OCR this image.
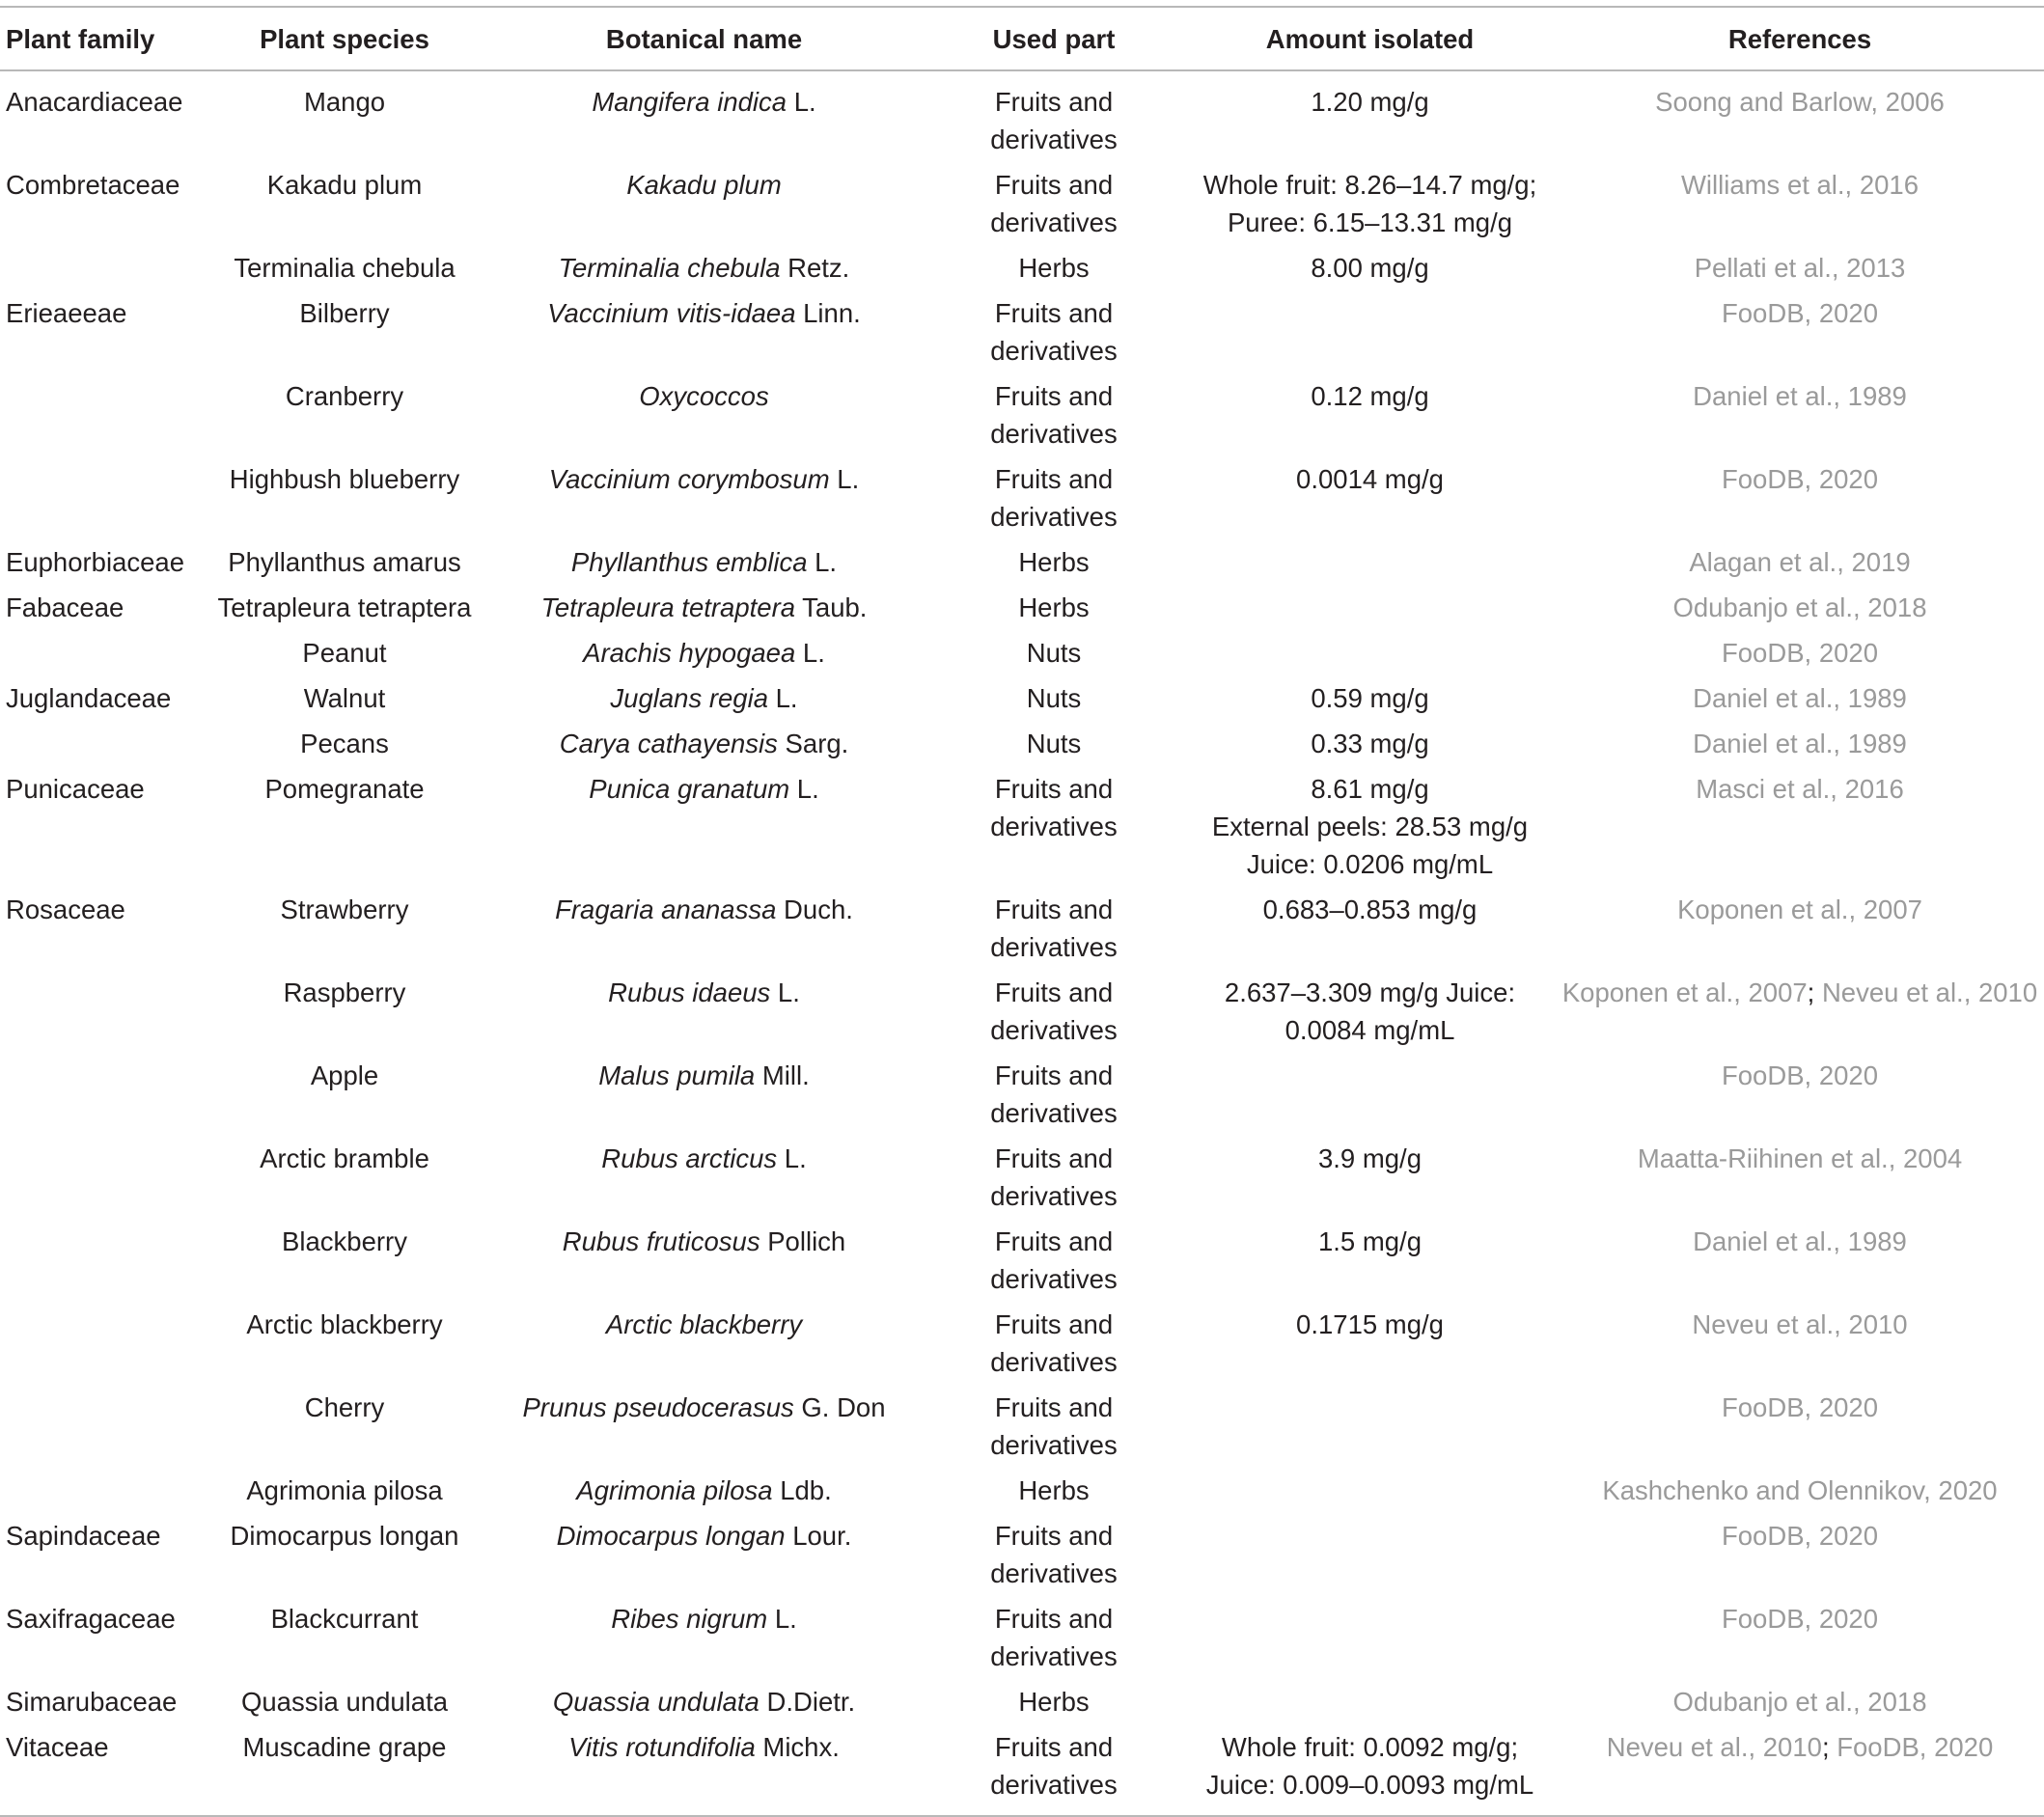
Plant family	Plant species	Botanical name	Used part	Amount isolated	References
Anacardiaceae	Mango	Mangifera indica L.	Fruits and derivatives	1.20 mg/g	Soong and Barlow, 2006
Combretaceae	Kakadu plum	Kakadu plum	Fruits and derivatives	Whole fruit: 8.26–14.7 mg/g;
Puree: 6.15–13.31 mg/g	Williams et al., 2016
	Terminalia chebula	Terminalia chebula Retz.	Herbs	8.00 mg/g	Pellati et al., 2013
Erieaeeae	Bilberry	Vaccinium vitis-idaea Linn.	Fruits and derivatives		FooDB, 2020
	Cranberry	Oxycoccos	Fruits and derivatives	0.12 mg/g	Daniel et al., 1989
	Highbush blueberry	Vaccinium corymbosum L.	Fruits and derivatives	0.0014 mg/g	FooDB, 2020
Euphorbiaceae	Phyllanthus amarus	Phyllanthus emblica L.	Herbs		Alagan et al., 2019
Fabaceae	Tetrapleura tetraptera	Tetrapleura tetraptera Taub.	Herbs		Odubanjo et al., 2018
	Peanut	Arachis hypogaea L.	Nuts		FooDB, 2020
Juglandaceae	Walnut	Juglans regia L.	Nuts	0.59 mg/g	Daniel et al., 1989
	Pecans	Carya cathayensis Sarg.	Nuts	0.33 mg/g	Daniel et al., 1989
Punicaceae	Pomegranate	Punica granatum L.	Fruits and derivatives	8.61 mg/g
External peels: 28.53 mg/g
Juice: 0.0206 mg/mL	Masci et al., 2016
Rosaceae	Strawberry	Fragaria ananassa Duch.	Fruits and derivatives	0.683–0.853 mg/g	Koponen et al., 2007
	Raspberry	Rubus idaeus L.	Fruits and derivatives	2.637–3.309 mg/g Juice:
0.0084 mg/mL	Koponen et al., 2007; Neveu et al., 2010
	Apple	Malus pumila Mill.	Fruits and derivatives		FooDB, 2020
	Arctic bramble	Rubus arcticus L.	Fruits and derivatives	3.9 mg/g	Maatta-Riihinen et al., 2004
	Blackberry	Rubus fruticosus Pollich	Fruits and derivatives	1.5 mg/g	Daniel et al., 1989
	Arctic blackberry	Arctic blackberry	Fruits and derivatives	0.1715 mg/g	Neveu et al., 2010
	Cherry	Prunus pseudocerasus G. Don	Fruits and derivatives		FooDB, 2020
	Agrimonia pilosa	Agrimonia pilosa Ldb.	Herbs		Kashchenko and Olennikov, 2020
Sapindaceae	Dimocarpus longan	Dimocarpus longan Lour.	Fruits and derivatives		FooDB, 2020
Saxifragaceae	Blackcurrant	Ribes nigrum L.	Fruits and derivatives		FooDB, 2020
Simarubaceae	Quassia undulata	Quassia undulata D.Dietr.	Herbs		Odubanjo et al., 2018
Vitaceae	Muscadine grape	Vitis rotundifolia Michx.	Fruits and derivatives	Whole fruit: 0.0092 mg/g;
Juice: 0.009–0.0093 mg/mL	Neveu et al., 2010; FooDB, 2020
